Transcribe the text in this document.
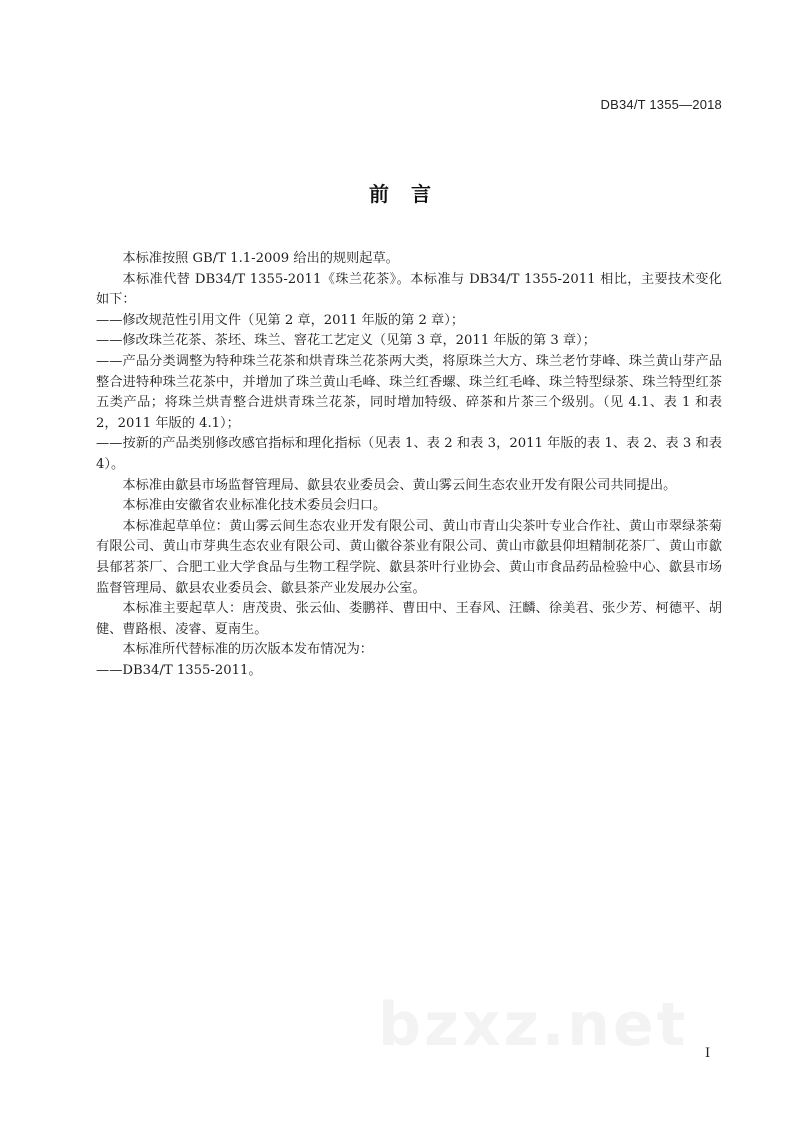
DB34/T 1355—2018
前言

本标准按照 GB/T 1.1-2009 给出的规则起草。

本标准代替 DB34/T 1355-2011《珠兰花茶》。本标准与 DB34/T 1355-2011 相比，主要技术变化如下：

——修改规范性引用文件（见第 2 章，2011 年版的第 2 章）；

——修改珠兰花茶、茶坯、珠兰、窨花工艺定义（见第 3 章，2011 年版的第 3 章）；

——产品分类调整为特种珠兰花茶和烘青珠兰花茶两大类，将原珠兰大方、珠兰老竹芽峰、珠兰黄山芽产品整合进特种珠兰花茶中，并增加了珠兰黄山毛峰、珠兰红香螺、珠兰红毛峰、珠兰特型绿茶、珠兰特型红茶五类产品；将珠兰烘青整合进烘青珠兰花茶，同时增加特级、碎茶和片茶三个级别。（见 4.1、表 1 和表 2，2011 年版的 4.1）；

——按新的产品类别修改感官指标和理化指标（见表 1、表 2 和表 3，2011 年版的表 1、表 2、表 3 和表 4）。

本标准由歙县市场监督管理局、歙县农业委员会、黄山雾云间生态农业开发有限公司共同提出。

本标准由安徽省农业标准化技术委员会归口。

本标准起草单位：黄山雾云间生态农业开发有限公司、黄山市青山尖茶叶专业合作社、黄山市翠绿茶菊有限公司、黄山市芽典生态农业有限公司、黄山徽谷茶业有限公司、黄山市歙县仰坦精制花茶厂、黄山市歙县郁茗茶厂、合肥工业大学食品与生物工程学院、歙县茶叶行业协会、黄山市食品药品检验中心、歙县市场监督管理局、歙县农业委员会、歙县茶产业发展办公室。

本标准主要起草人：唐茂贵、张云仙、娄鹏祥、曹田中、王春风、汪麟、徐美君、张少芳、柯德平、胡健、曹路根、凌睿、夏南生。

本标准所代替标准的历次版本发布情况为：

——DB34/T 1355-2011。

bzxz.net I
